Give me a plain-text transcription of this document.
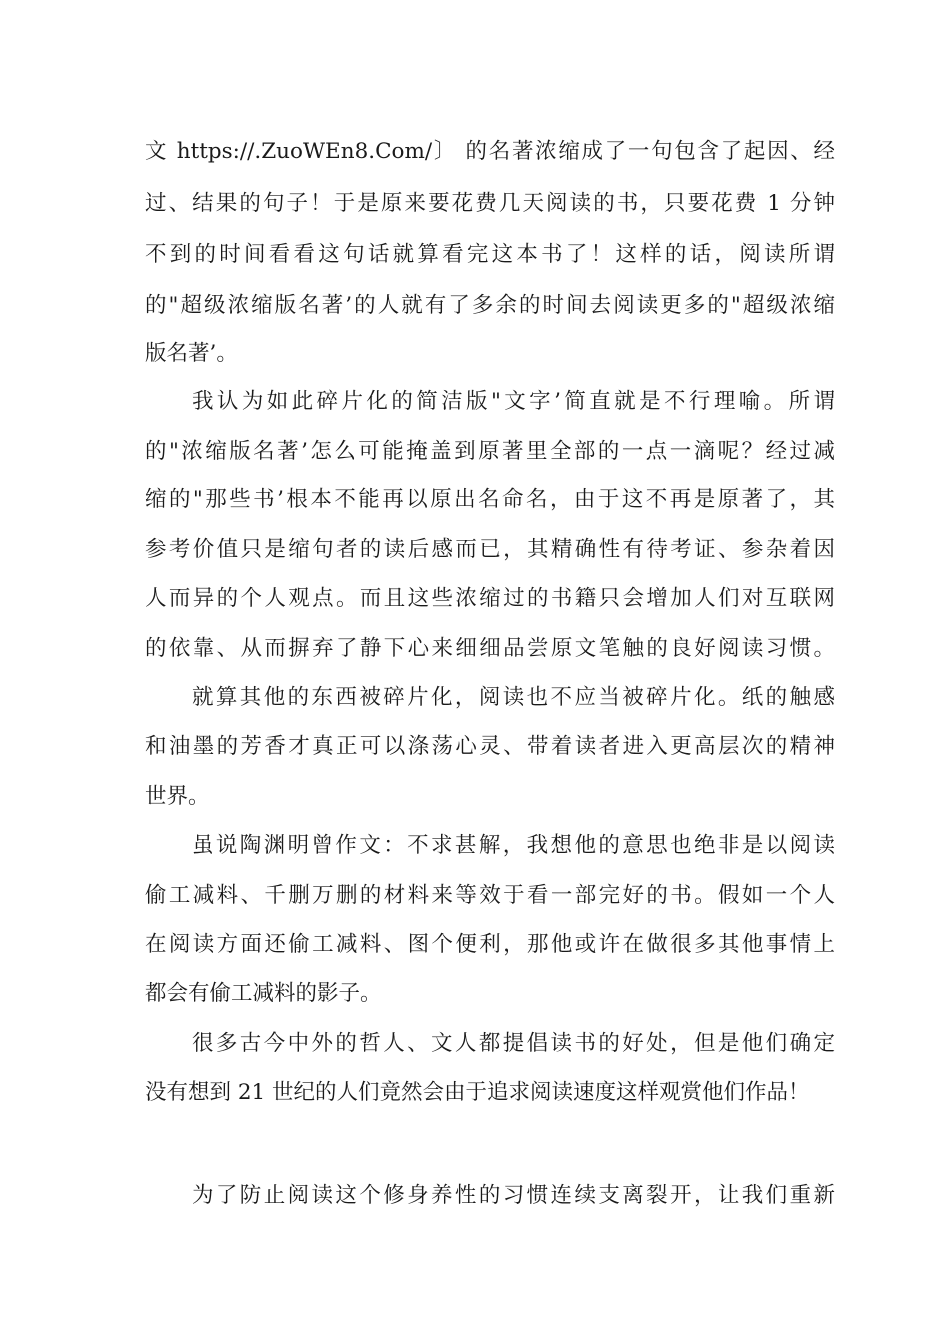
文 https://.ZuoWEn8.Com/〕 的名著浓缩成了一句包含了起因、经
过、结果的句子！于是原来要花费几天阅读的书，只要花费 1 分钟
不到的时间看看这句话就算看完这本书了！这样的话，阅读所谓
的"超级浓缩版名著’的人就有了多余的时间去阅读更多的"超级浓缩
版名著’。
我认为如此碎片化的简洁版"文字’简直就是不行理喻。所谓
的"浓缩版名著’怎么可能掩盖到原著里全部的一点一滴呢？经过减
缩的"那些书’根本不能再以原出名命名，由于这不再是原著了，其
参考价值只是缩句者的读后感而已，其精确性有待考证、参杂着因
人而异的个人观点。而且这些浓缩过的书籍只会增加人们对互联网
的依靠、从而摒弃了静下心来细细品尝原文笔触的良好阅读习惯。
就算其他的东西被碎片化，阅读也不应当被碎片化。纸的触感
和油墨的芳香才真正可以涤荡心灵、带着读者进入更高层次的精神
世界。
虽说陶渊明曾作文：不求甚解，我想他的意思也绝非是以阅读
偷工减料、千删万删的材料来等效于看一部完好的书。假如一个人
在阅读方面还偷工减料、图个便利，那他或许在做很多其他事情上
都会有偷工减料的影子。
很多古今中外的哲人、文人都提倡读书的好处，但是他们确定
没有想到 21 世纪的人们竟然会由于追求阅读速度这样观赏他们作品！
为了防止阅读这个修身养性的习惯连续支离裂开，让我们重新
